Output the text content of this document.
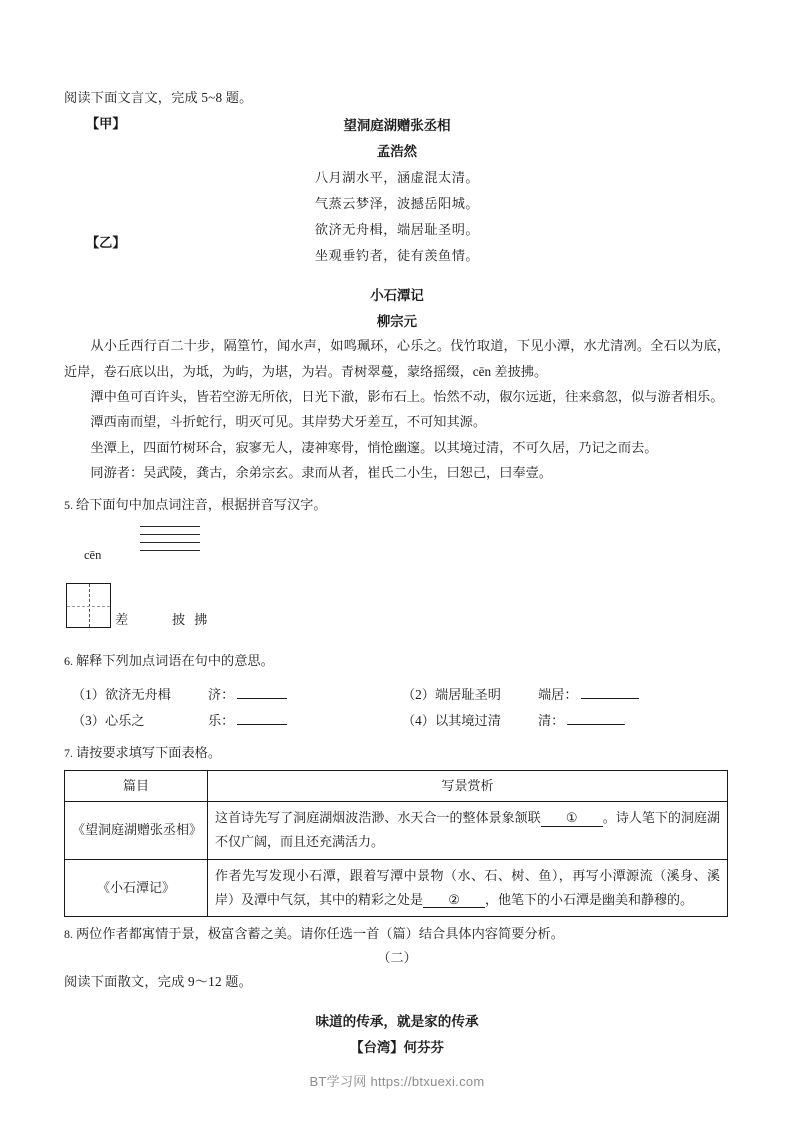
阅读下面文言文，完成 5~8 题。
【甲】	望洞庭湖赠张丞相
孟浩然
八月湖水平，涵虚混太清。
气蒸云梦泽，波撼岳阳城。
欲济无舟楫，端居耻圣明。
坐观垂钓者，徒有羡鱼情。
【乙】
小石潭记
柳宗元

从小丘西行百二十步，隔篁竹，闻水声，如鸣珮环，心乐之。伐竹取道，下见小潭，水尤清冽。全石以为底，近岸，卷石底以出，为坻，为屿，为堪，为岩。青树翠蔓，蒙络摇缀，cēn 差披拂。

潭中鱼可百许头，皆若空游无所依，日光下澈，影布石上。怡然不动，俶尔远逝，往来翕忽，似与游者相乐。

潭西南而望，斗折蛇行，明灭可见。其岸势犬牙差互，不可知其源。

坐潭上，四面竹树环合，寂寥无人，凄神寒骨，悄怆幽邃。以其境过清，不可久居，乃记之而去。

同游者：吴武陵，龚古，余弟宗玄。隶而从者，崔氏二小生，曰恕己，曰奉壹。

5. 给下面句中加点词注音，根据拼音写汉字。
cēn
差	披拂
6. 解释下列加点词语在句中的意思。
（1）欲济无舟楫	济：	（2）端居耻圣明	端居：
（3）心乐之	乐：	（4）以其境过清	清：
7. 请按要求填写下面表格。
篇目	写景赏析
《望洞庭湖赠张丞相》	这首诗先写了洞庭湖烟波浩渺、水天合一的整体景象颔联 ① 。诗人笔下的洞庭湖不仅广阔，而且还充满活力。
《小石潭记》	作者先写发现小石潭，跟着写潭中景物（水、石、树、鱼），再写小潭源流（溪身、溪岸）及潭中气氛，其中的精彩之处是 ② ，他笔下的小石潭是幽美和静穆的。
8. 两位作者都寓情于景，极富含蓄之美。请你任选一首（篇）结合具体内容简要分析。
（二）
阅读下面散文，完成 9～12 题。
味道的传承，就是家的传承
【台湾】何芬芬
BT学习网 https://btxuexi.com
